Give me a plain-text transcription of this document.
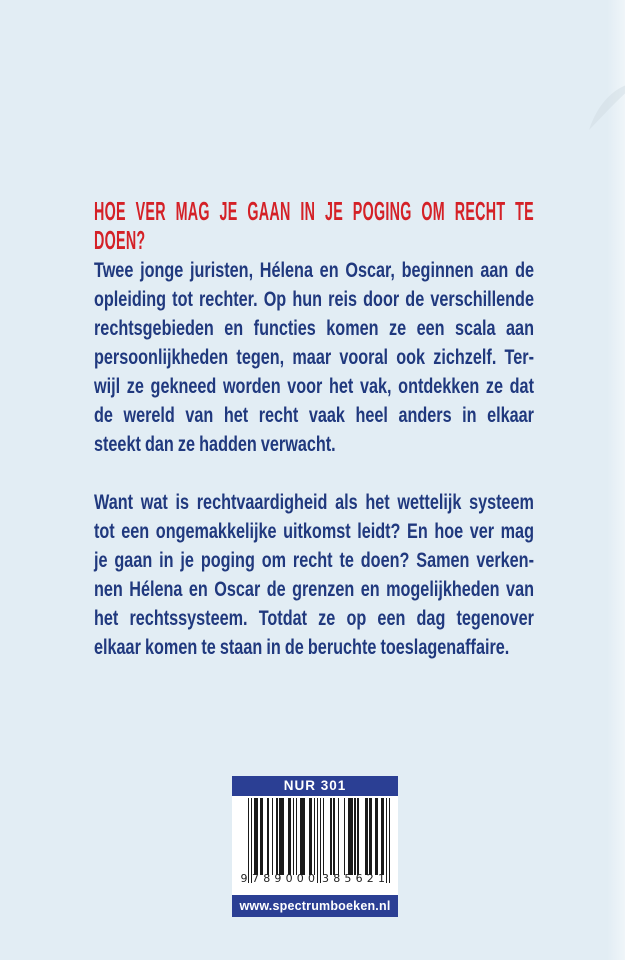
HOE VER MAG JE GAAN IN JE POGING OM RECHT TE DOEN?
Twee jonge juristen, Hélena en Oscar, beginnen aan de
opleiding tot rechter. Op hun reis door de verschillende
rechtsgebieden en functies komen ze een scala aan
persoonlijkheden tegen, maar vooral ook zichzelf. Ter-
wijl ze gekneed worden voor het vak, ontdekken ze dat
de wereld van het recht vaak heel anders in elkaar
steekt dan ze hadden verwacht.
Want wat is rechtvaardigheid als het wettelijk systeem
tot een ongemakkelijke uitkomst leidt? En hoe ver mag
je gaan in je poging om recht te doen? Samen verken-
nen Hélena en Oscar de grenzen en mogelijkheden van
het rechtssysteem. Totdat ze op een dag tegenover
elkaar komen te staan in de beruchte toeslagenaffaire.
NUR 301
9 7 8 9 0 0 0 3 8 5 6 2 1
www.spectrumboeken.nl
